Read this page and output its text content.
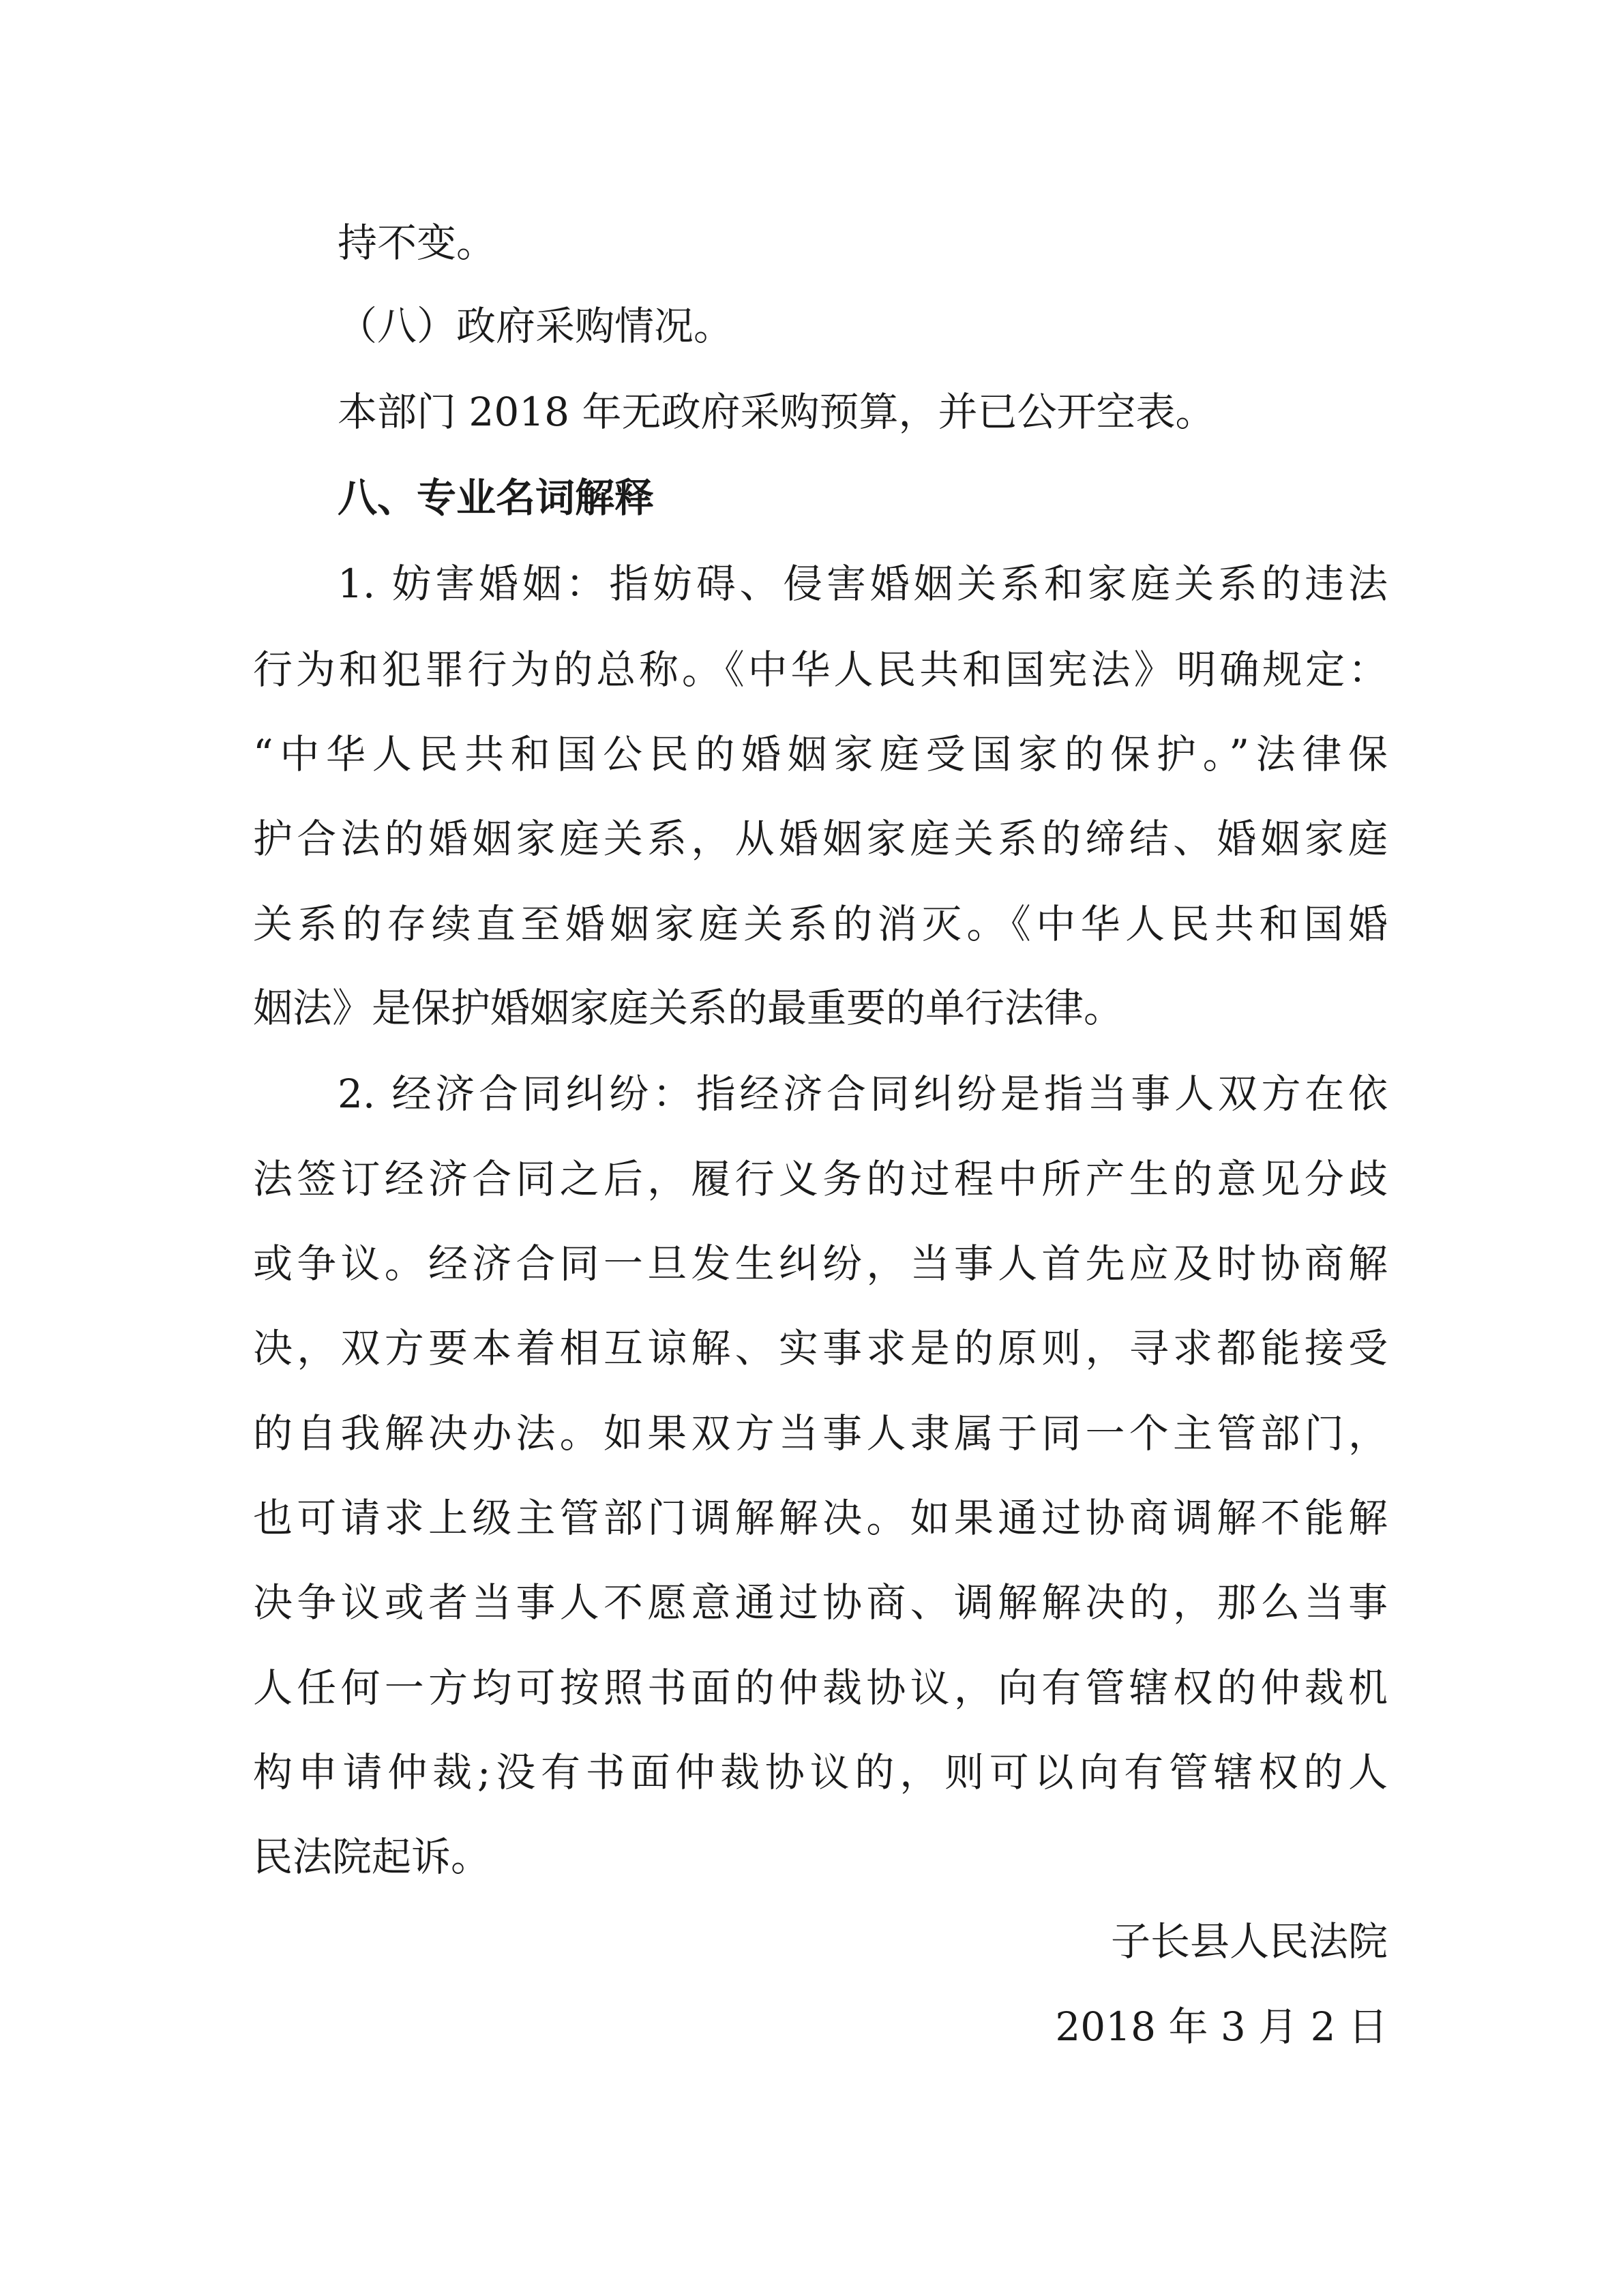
持不变。
（八）政府采购情况。
本部门 2018 年无政府采购预算，并已公开空表。
八、专业名词解释
1. 妨害婚姻：指妨碍、侵害婚姻关系和家庭关系的违法
行为和犯罪行为的总称。《中华人民共和国宪法》明确规定：
“中华人民共和国公民的婚姻家庭受国家的保护。”法律保
护合法的婚姻家庭关系，从婚姻家庭关系的缔结、婚姻家庭
关系的存续直至婚姻家庭关系的消灭。《中华人民共和国婚
姻法》是保护婚姻家庭关系的最重要的单行法律。
2. 经济合同纠纷：指经济合同纠纷是指当事人双方在依
法签订经济合同之后，履行义务的过程中所产生的意见分歧
或争议。经济合同一旦发生纠纷，当事人首先应及时协商解
决，双方要本着相互谅解、实事求是的原则，寻求都能接受
的自我解决办法。如果双方当事人隶属于同一个主管部门，
也可请求上级主管部门调解解决。如果通过协商调解不能解
决争议或者当事人不愿意通过协商、调解解决的，那么当事
人任何一方均可按照书面的仲裁协议，向有管辖权的仲裁机
构申请仲裁;没有书面仲裁协议的，则可以向有管辖权的人
民法院起诉。
子长县人民法院
2018 年 3 月 2 日
